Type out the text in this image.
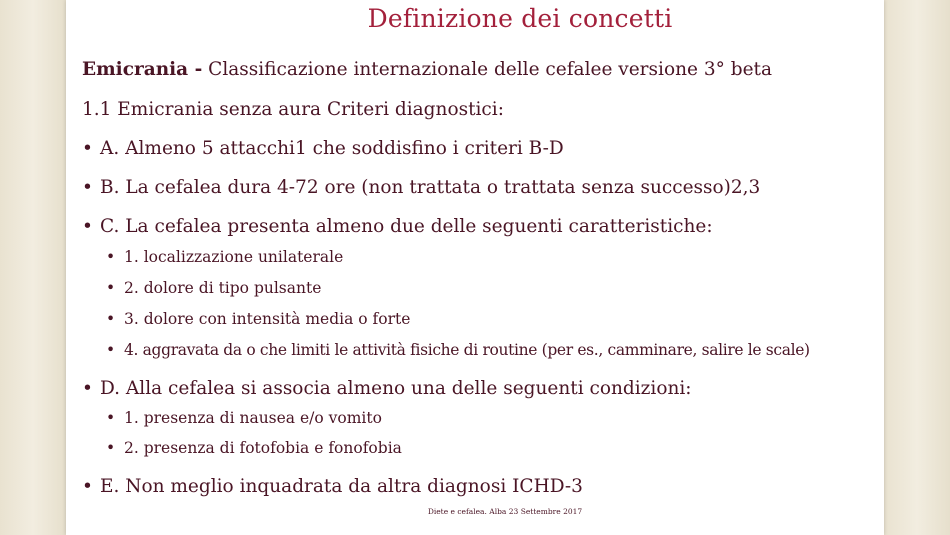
Definizione dei concetti
Emicrania - Classificazione internazionale delle cefalee versione 3° beta
1.1 Emicrania senza aura Criteri diagnostici:
• A. Almeno 5 attacchi1 che soddisfino i criteri B-D
• B. La cefalea dura 4-72 ore (non trattata o trattata senza successo)2,3
• C. La cefalea presenta almeno due delle seguenti caratteristiche:
• 1. localizzazione unilaterale
• 2. dolore di tipo pulsante
• 3. dolore con intensità media o forte
• 4. aggravata da o che limiti le attività fisiche di routine (per es., camminare, salire le scale)
• D. Alla cefalea si associa almeno una delle seguenti condizioni:
• 1. presenza di nausea e/o vomito
• 2. presenza di fotofobia e fonofobia
• E. Non meglio inquadrata da altra diagnosi ICHD-3
Diete e cefalea. Alba 23 Settembre 2017
